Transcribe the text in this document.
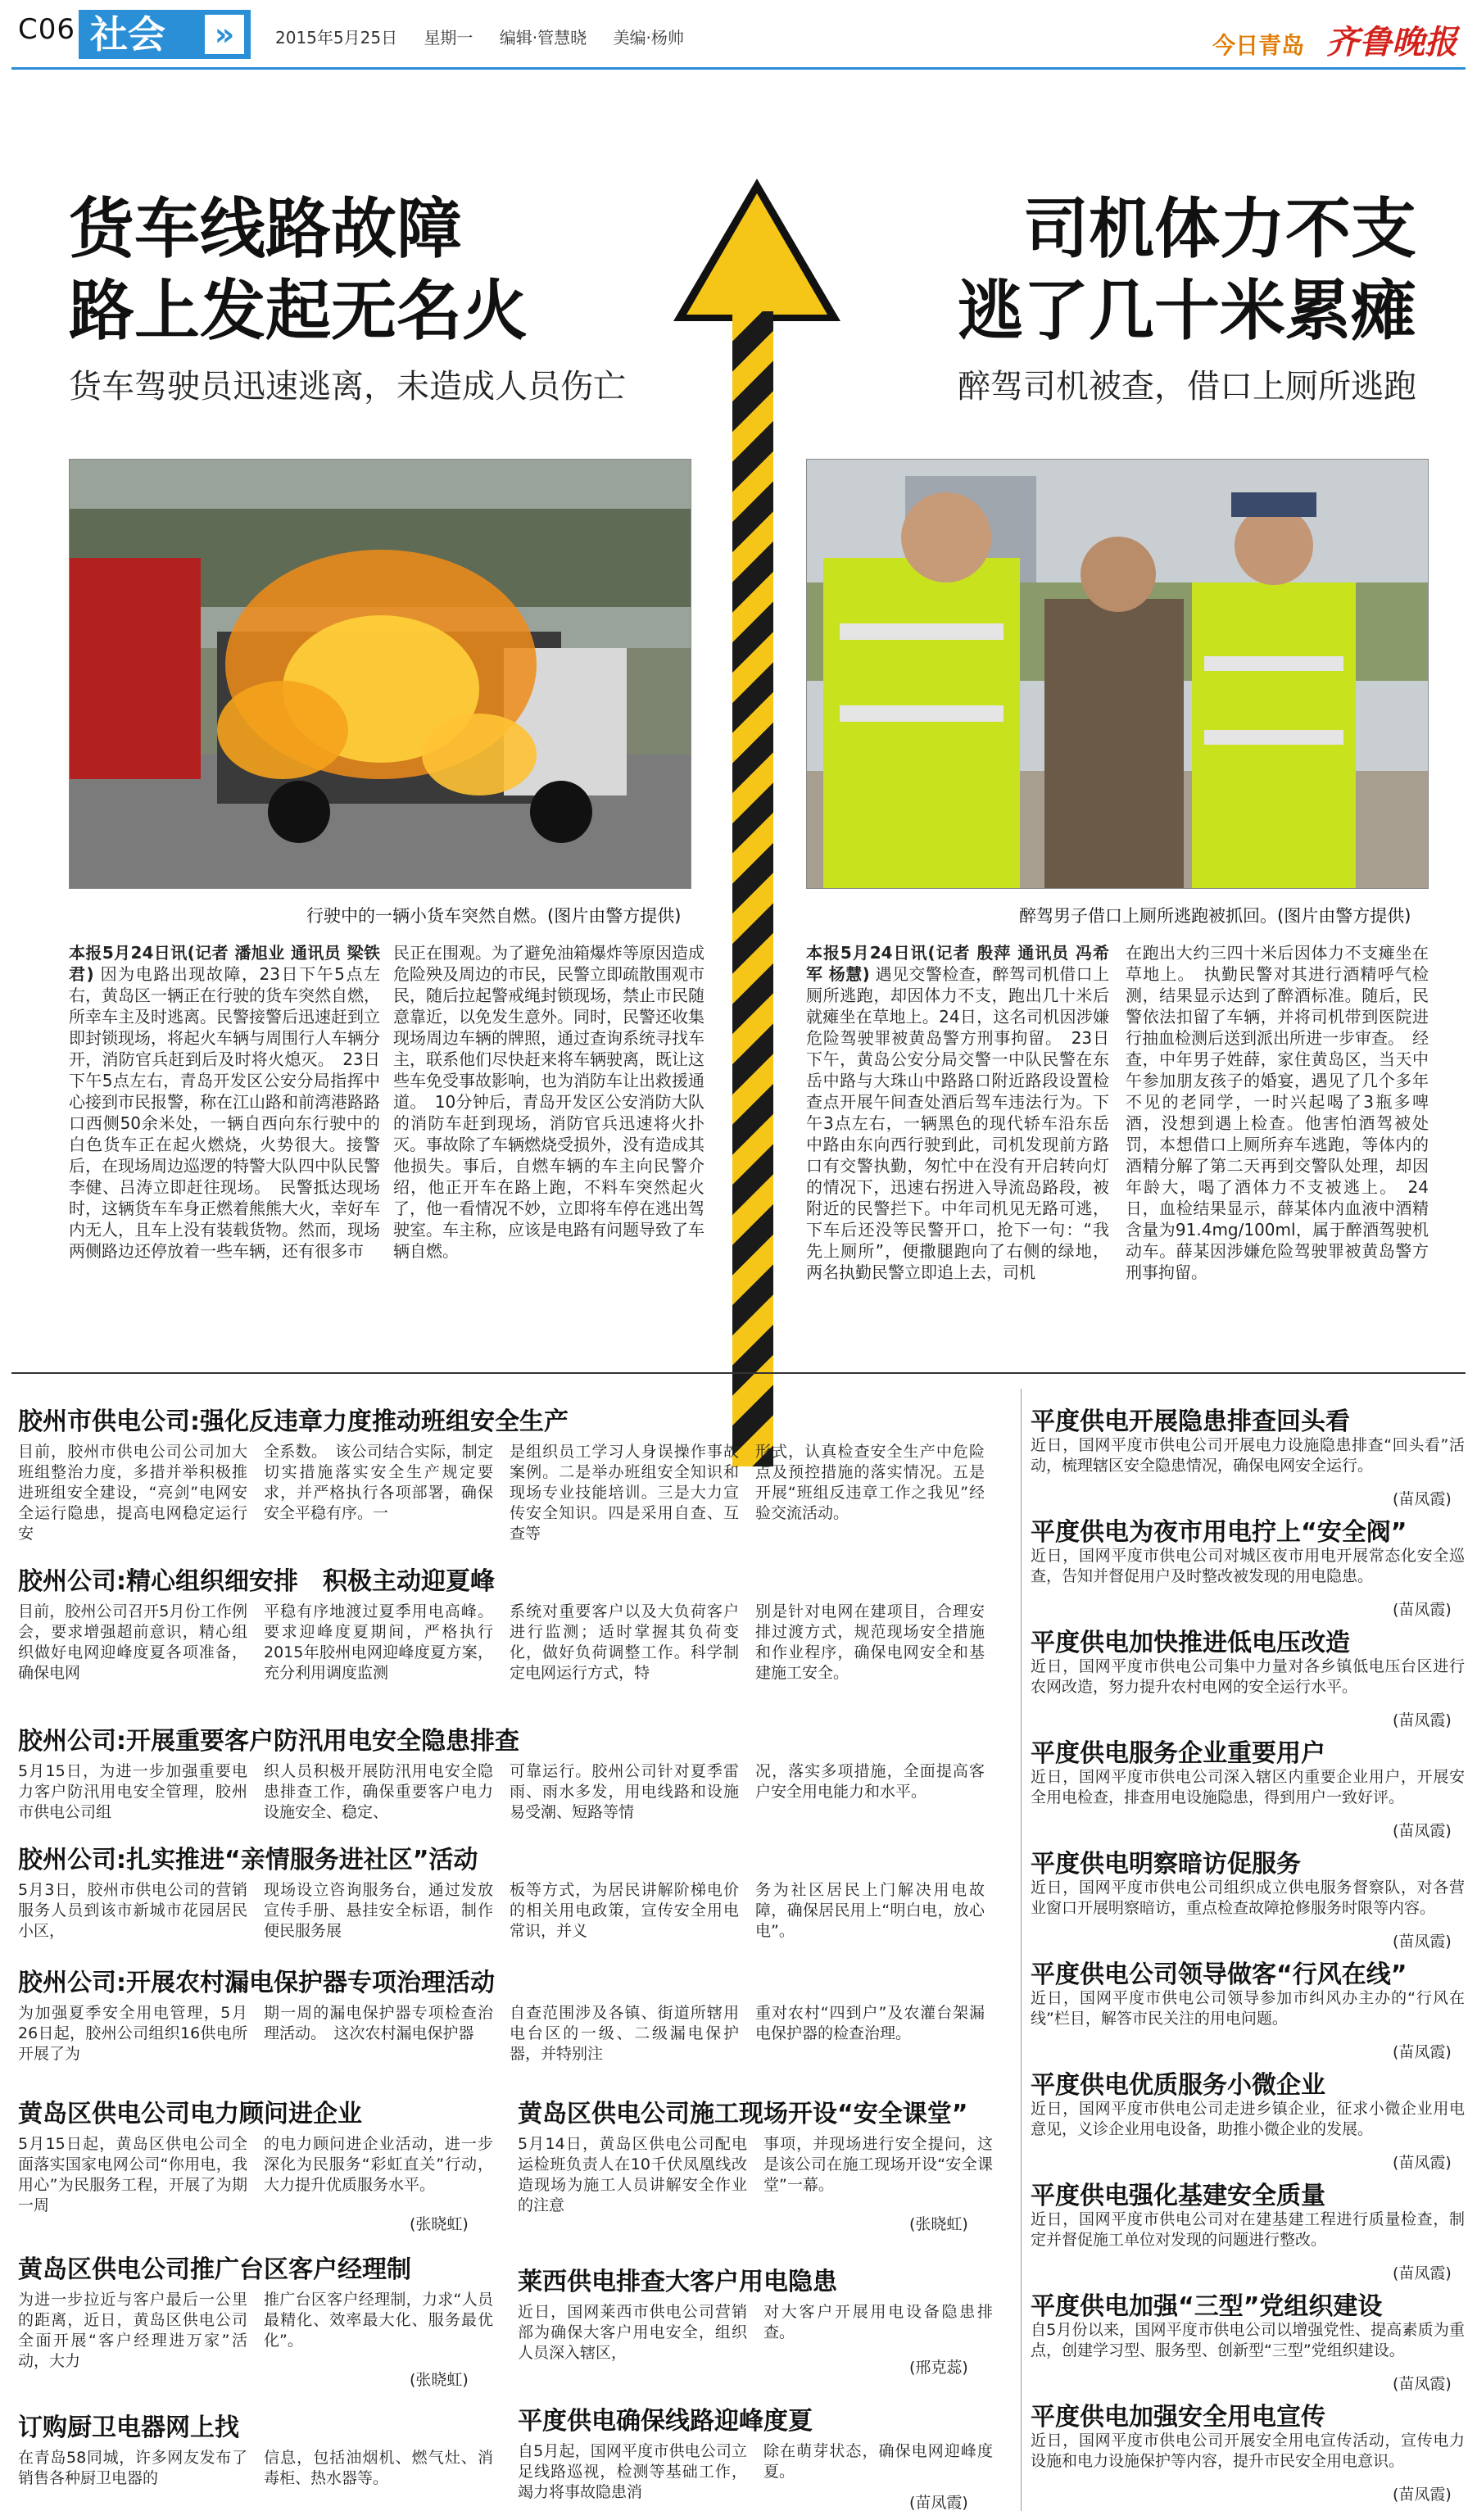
C06 社会	»	2015年5月25日 星期一 编辑·管慧晓 美编·杨帅	今日青岛 齐鲁晚报
货车线路故障
路上发起无名火
货车驾驶员迅速逃离，未造成人员伤亡
司机体力不支
逃了几十米累瘫
醉驾司机被查，借口上厕所逃跑
行驶中的一辆小货车突然自燃。(图片由警方提供)	醉驾男子借口上厕所逃跑被抓回。(图片由警方提供)
本报5月24日讯(记者 潘旭业 通讯员 梁铁君) 因为电路出现故障，23日下午5点左右，黄岛区一辆正在行驶的货车突然自燃，所幸车主及时逃离。民警接警后迅速赶到立即封锁现场，将起火车辆与周围行人车辆分开，消防官兵赶到后及时将火熄灭。　23日下午5点左右，青岛开发区公安分局指挥中心接到市民报警，称在江山路和前湾港路路口西侧50余米处，一辆自西向东行驶中的白色货车正在起火燃烧，火势很大。接警后，在现场周边巡逻的特警大队四中队民警李健、吕涛立即赶往现场。　民警抵达现场时，这辆货车车身正燃着熊熊大火，幸好车内无人，且车上没有装载货物。然而，现场两侧路边还停放着一些车辆，还有很多市
民正在围观。为了避免油箱爆炸等原因造成危险殃及周边的市民，民警立即疏散围观市民，随后拉起警戒绳封锁现场，禁止市民随意靠近，以免发生意外。同时，民警还收集现场周边车辆的牌照，通过查询系统寻找车主，联系他们尽快赶来将车辆驶离，既让这些车免受事故影响，也为消防车让出救援通道。　10分钟后，青岛开发区公安消防大队的消防车赶到现场，消防官兵迅速将火扑灭。事故除了车辆燃烧受损外，没有造成其他损失。事后，自燃车辆的车主向民警介绍，他正开车在路上跑，不料车突然起火了，他一看情况不妙，立即将车停在逃出驾驶室。车主称，应该是电路有问题导致了车辆自燃。
本报5月24日讯(记者 殷萍 通讯员 冯希军 杨慧) 遇见交警检查，醉驾司机借口上厕所逃跑，却因体力不支，跑出几十米后就瘫坐在草地上。24日，这名司机因涉嫌危险驾驶罪被黄岛警方刑事拘留。　23日下午，黄岛公安分局交警一中队民警在东岳中路与大珠山中路路口附近路段设置检查点开展午间查处酒后驾车违法行为。下午3点左右，一辆黑色的现代轿车沿东岳中路由东向西行驶到此，司机发现前方路口有交警执勤，匆忙中在没有开启转向灯的情况下，迅速右拐进入导流岛路段，被附近的民警拦下。中年司机见无路可逃，下车后还没等民警开口，抢下一句：“我先上厕所”，便撒腿跑向了右侧的绿地，两名执勤民警立即追上去，司机
在跑出大约三四十米后因体力不支瘫坐在草地上。　执勤民警对其进行酒精呼气检测，结果显示达到了醉酒标准。随后，民警依法扣留了车辆，并将司机带到医院进行抽血检测后送到派出所进一步审查。　经查，中年男子姓薛，家住黄岛区，当天中午参加朋友孩子的婚宴，遇见了几个多年不见的老同学，一时兴起喝了3瓶多啤酒，没想到遇上检查。他害怕酒驾被处罚，本想借口上厕所弃车逃跑，等体内的酒精分解了第二天再到交警队处理，却因年龄大，喝了酒体力不支被逃上。　24日，血检结果显示，薛某体内血液中酒精含量为91.4mg/100ml，属于醉酒驾驶机动车。薛某因涉嫌危险驾驶罪被黄岛警方刑事拘留。
胶州市供电公司:强化反违章力度推动班组安全生产
目前，胶州市供电公司公司加大班组整治力度，多措并举积极推进班组安全建设，“亮剑”电网安全运行隐患，提高电网稳定运行安
全系数。　该公司结合实际，制定切实措施落实安全生产规定要求，并严格执行各项部署，确保安全平稳有序。一
是组织员工学习人身误操作事故案例。二是举办班组安全知识和现场专业技能培训。三是大力宣传安全知识。四是采用自查、互查等
形式，认真检查安全生产中危险点及预控措施的落实情况。五是开展“班组反违章工作之我见”经验交流活动。
胶州公司:精心组织细安排　积极主动迎夏峰
目前，胶州公司召开5月份工作例会，要求增强超前意识，精心组织做好电网迎峰度夏各项准备，确保电网
平稳有序地渡过夏季用电高峰。要求迎峰度夏期间，严格执行2015年胶州电网迎峰度夏方案，充分利用调度监测
系统对重要客户以及大负荷客户进行监测；适时掌握其负荷变化，做好负荷调整工作。科学制定电网运行方式，特
别是针对电网在建项目，合理安排过渡方式，规范现场安全措施和作业程序，确保电网安全和基建施工安全。
胶州公司:开展重要客户防汛用电安全隐患排查
5月15日，为进一步加强重要电力客户防汛用电安全管理，胶州市供电公司组
织人员积极开展防汛用电安全隐患排查工作，确保重要客户电力设施安全、稳定、
可靠运行。胶州公司针对夏季雷雨、雨水多发，用电线路和设施易受潮、短路等情
况，落实多项措施，全面提高客户安全用电能力和水平。
胶州公司:扎实推进“亲情服务进社区”活动
5月3日，胶州市供电公司的营销服务人员到该市新城市花园居民小区，
现场设立咨询服务台，通过发放宣传手册、悬挂安全标语，制作便民服务展
板等方式，为居民讲解阶梯电价的相关用电政策，宣传安全用电常识，并义
务为社区居民上门解决用电故障，确保居民用上“明白电，放心电”。
胶州公司:开展农村漏电保护器专项治理活动
为加强夏季安全用电管理，5月26日起，胶州公司组织16供电所开展了为
期一周的漏电保护器专项检查治理活动。　这次农村漏电保护器
自查范围涉及各镇、街道所辖用电台区的一级、二级漏电保护器，并特别注
重对农村“四到户”及农灌台架漏电保护器的检查治理。
黄岛区供电公司电力顾问进企业
5月15日起，黄岛区供电公司全面落实国家电网公司“你用电，我用心”为民服务工程，开展了为期一周
的电力顾问进企业活动，进一步深化为民服务“彩虹直关”行动，大力提升优质服务水平。
(张晓虹)
黄岛区供电公司施工现场开设“安全课堂”
5月14日，黄岛区供电公司配电运检班负责人在10千伏凤凰线改造现场为施工人员讲解安全作业的注意
事项，并现场进行安全提问，这是该公司在施工现场开设“安全课堂”一幕。
(张晓虹)
黄岛区供电公司推广台区客户经理制
为进一步拉近与客户最后一公里的距离，近日，黄岛区供电公司全面开展“客户经理进万家”活动，大力
推广台区客户经理制，力求“人员最精化、效率最大化、服务最优化”。
(张晓虹)
莱西供电排查大客户用电隐患
近日，国网莱西市供电公司营销部为确保大客户用电安全，组织人员深入辖区，
对大客户开展用电设备隐患排查。
(邢克蕊)
订购厨卫电器网上找
在青岛58同城，许多网友发布了销售各种厨卫电器的
信息，包括油烟机、燃气灶、消毒柜、热水器等。
平度供电确保线路迎峰度夏
自5月起，国网平度市供电公司立足线路巡视，检测等基础工作，竭力将事故隐患消
除在萌芽状态，确保电网迎峰度夏。
(苗凤霞)
平度供电开展隐患排查回头看
近日，国网平度市供电公司开展电力设施隐患排查“回头看”活动，梳理辖区安全隐患情况，确保电网安全运行。
(苗凤霞)
平度供电为夜市用电拧上“安全阀”
近日，国网平度市供电公司对城区夜市用电开展常态化安全巡查，告知并督促用户及时整改被发现的用电隐患。
(苗凤霞)
平度供电加快推进低电压改造
近日，国网平度市供电公司集中力量对各乡镇低电压台区进行农网改造，努力提升农村电网的安全运行水平。
(苗凤霞)
平度供电服务企业重要用户
近日，国网平度市供电公司深入辖区内重要企业用户，开展安全用电检查，排查用电设施隐患，得到用户一致好评。
(苗凤霞)
平度供电明察暗访促服务
近日，国网平度市供电公司组织成立供电服务督察队，对各营业窗口开展明察暗访，重点检查故障抢修服务时限等内容。
(苗凤霞)
平度供电公司领导做客“行风在线”
近日，国网平度市供电公司领导参加市纠风办主办的“行风在线”栏目，解答市民关注的用电问题。
(苗凤霞)
平度供电优质服务小微企业
近日，国网平度市供电公司走进乡镇企业，征求小微企业用电意见，义诊企业用电设备，助推小微企业的发展。
(苗凤霞)
平度供电强化基建安全质量
近日，国网平度市供电公司对在建基建工程进行质量检查，制定并督促施工单位对发现的问题进行整改。
(苗凤霞)
平度供电加强“三型”党组织建设
自5月份以来，国网平度市供电公司以增强党性、提高素质为重点，创建学习型、服务型、创新型“三型”党组织建设。
(苗凤霞)
平度供电加强安全用电宣传
近日，国网平度市供电公司开展安全用电宣传活动，宣传电力设施和电力设施保护等内容，提升市民安全用电意识。
(苗凤霞)
